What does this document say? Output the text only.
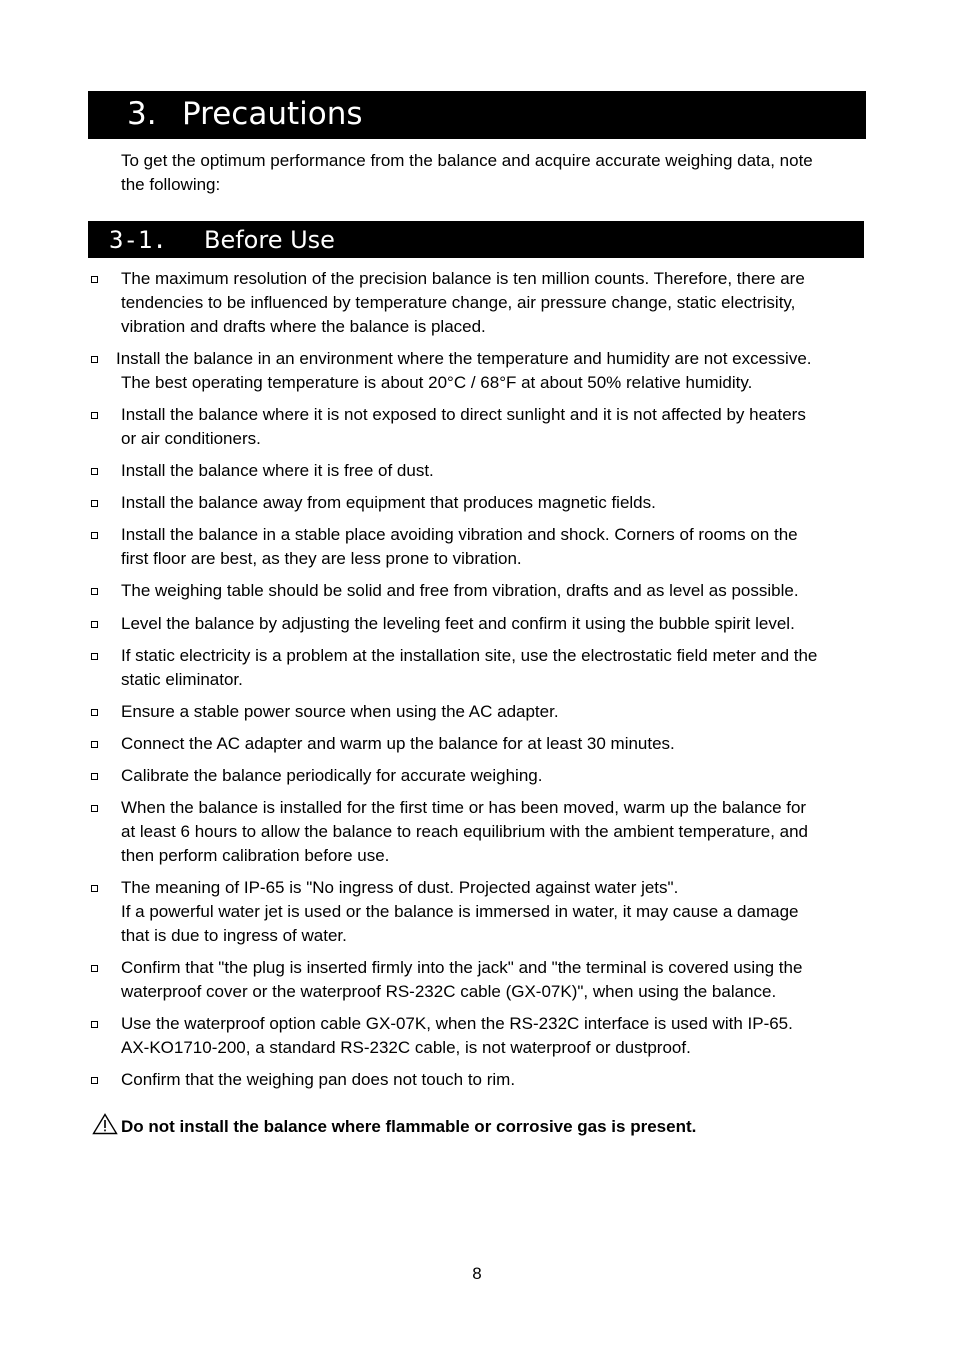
3. Precautions
To get the optimum performance from the balance and acquire accurate weighing data, note
the following:
3-1. Before Use
The maximum resolution of the precision balance is ten million counts. Therefore, there are
tendencies to be influenced by temperature change, air pressure change, static electrisity,
vibration and drafts where the balance is placed.
Install the balance in an environment where the temperature and humidity are not excessive.
The best operating temperature is about 20°C / 68°F at about 50% relative humidity.
Install the balance where it is not exposed to direct sunlight and it is not affected by heaters
or air conditioners.
Install the balance where it is free of dust.
Install the balance away from equipment that produces magnetic fields.
Install the balance in a stable place avoiding vibration and shock. Corners of rooms on the
first floor are best, as they are less prone to vibration.
The weighing table should be solid and free from vibration, drafts and as level as possible.
Level the balance by adjusting the leveling feet and confirm it using the bubble spirit level.
If static electricity is a problem at the installation site, use the electrostatic field meter and the
static eliminator.
Ensure a stable power source when using the AC adapter.
Connect the AC adapter and warm up the balance for at least 30 minutes.
Calibrate the balance periodically for accurate weighing.
When the balance is installed for the first time or has been moved, warm up the balance for
at least 6 hours to allow the balance to reach equilibrium with the ambient temperature, and
then perform calibration before use.
The meaning of IP-65 is "No ingress of dust. Projected against water jets".
If a powerful water jet is used or the balance is immersed in water, it may cause a damage
that is due to ingress of water.
Confirm that "the plug is inserted firmly into the jack" and "the terminal is covered using the
waterproof cover or the waterproof RS-232C cable (GX-07K)", when using the balance.
Use the waterproof option cable GX-07K, when the RS-232C interface is used with IP-65.
AX-KO1710-200, a standard RS-232C cable, is not waterproof or dustproof.
Confirm that the weighing pan does not touch to rim.
Do not install the balance where flammable or corrosive gas is present.
8
